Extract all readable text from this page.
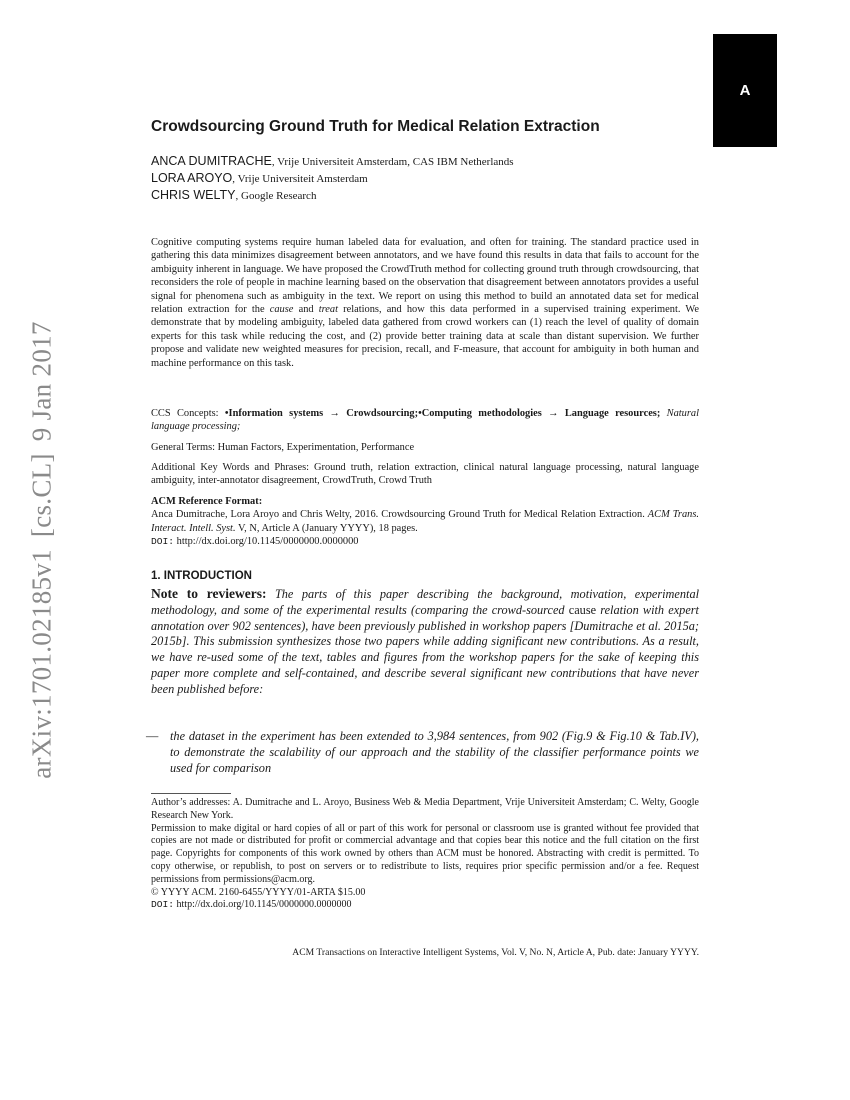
arXiv:1701.02185v1[cs.CL]9 Jan 2017
A
Crowdsourcing Ground Truth for Medical Relation Extraction
ANCA DUMITRACHE, Vrije Universiteit Amsterdam, CAS IBM Netherlands
LORA AROYO, Vrije Universiteit Amsterdam
CHRIS WELTY, Google Research

Cognitive computing systems require human labeled data for evaluation, and often for training. The standard practice used in gathering this data minimizes disagreement between annotators, and we have found this results in data that fails to account for the ambiguity inherent in language. We have proposed the CrowdTruth method for collecting ground truth through crowdsourcing, that reconsiders the role of people in machine learning based on the observation that disagreement between annotators provides a useful signal for phenomena such as ambiguity in the text. We report on using this method to build an annotated data set for medical relation extraction for the cause and treat relations, and how this data performed in a supervised training experiment. We demonstrate that by modeling ambiguity, labeled data gathered from crowd workers can (1) reach the level of quality of domain experts for this task while reducing the cost, and (2) provide better training data at scale than distant supervision. We further propose and validate new weighted measures for precision, recall, and F-measure, that account for ambiguity in both human and machine performance on this task.

CCS Concepts: •Information systems → Crowdsourcing;•Computing methodologies → Language resources; Natural language processing;

General Terms: Human Factors, Experimentation, Performance

Additional Key Words and Phrases: Ground truth, relation extraction, clinical natural language processing, natural language ambiguity, inter-annotator disagreement, CrowdTruth, Crowd Truth

ACM Reference Format:
Anca Dumitrache, Lora Aroyo and Chris Welty, 2016. Crowdsourcing Ground Truth for Medical Relation Extraction. ACM Trans. Interact. Intell. Syst. V, N, Article A (January YYYY), 18 pages.
DOI: http://dx.doi.org/10.1145/0000000.0000000
1. INTRODUCTION

Note to reviewers: The parts of this paper describing the background, motivation, experimental methodology, and some of the experimental results (comparing the crowd-sourced cause relation with expert annotation over 902 sentences), have been previously published in workshop papers [Dumitrache et al. 2015a; 2015b]. This submission synthesizes those two papers while adding significant new contributions. As a result, we have re-used some of the text, tables and figures from the workshop papers for the sake of keeping this paper more complete and self-contained, and describe several significant new contributions that have never been published before:

— the dataset in the experiment has been extended to 3,984 sentences, from 902 (Fig.9 & Fig.10 & Tab.IV), to demonstrate the scalability of our approach and the stability of the classifier performance points we used for comparison
Author’s addresses: A. Dumitrache and L. Aroyo, Business Web & Media Department, Vrije Universiteit Amsterdam; C. Welty, Google Research New York.
Permission to make digital or hard copies of all or part of this work for personal or classroom use is granted without fee provided that copies are not made or distributed for profit or commercial advantage and that copies bear this notice and the full citation on the first page. Copyrights for components of this work owned by others than ACM must be honored. Abstracting with credit is permitted. To copy otherwise, or republish, to post on servers or to redistribute to lists, requires prior specific permission and/or a fee. Request permissions from permissions@acm.org.
© YYYY ACM. 2160-6455/YYYY/01-ARTA $15.00
DOI: http://dx.doi.org/10.1145/0000000.0000000

ACM Transactions on Interactive Intelligent Systems, Vol. V, No. N, Article A, Pub. date: January YYYY.
